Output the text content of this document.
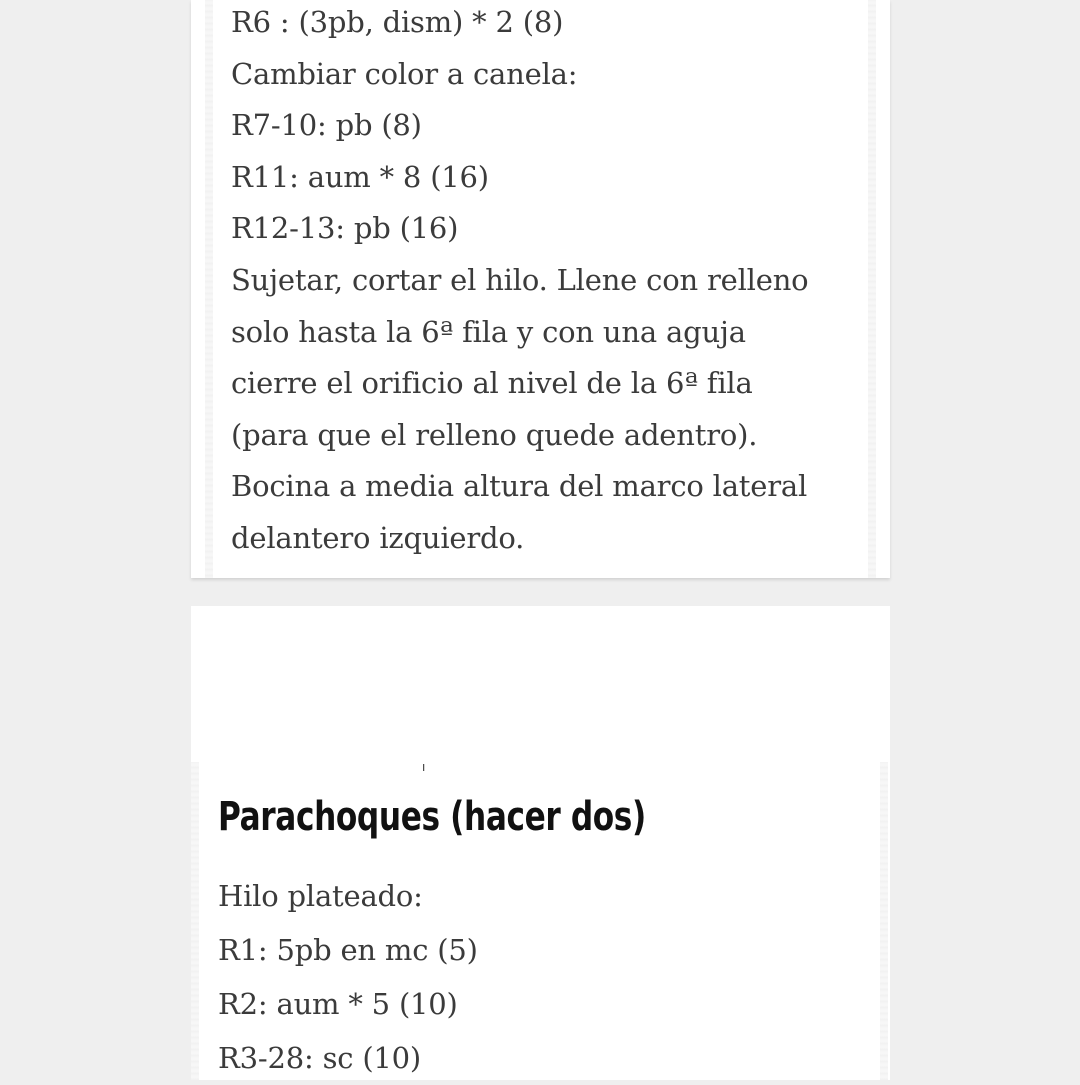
R6 : (3pb, dism) * 2 (8)
Cambiar color a canela:
R7-10: pb (8)
R11: aum * 8 (16)
R12-13: pb (16)
Sujetar, cortar el hilo. Llene con relleno
solo hasta la 6ª fila y con una aguja
cierre el orificio al nivel de la 6ª fila
(para que el relleno quede adentro).
Bocina a media altura del marco lateral
delantero izquierdo.
ı
Parachoques (hacer dos)
Hilo plateado:
R1: 5pb en mc (5)
R2: aum * 5 (10)
R3-28: sc (10)
